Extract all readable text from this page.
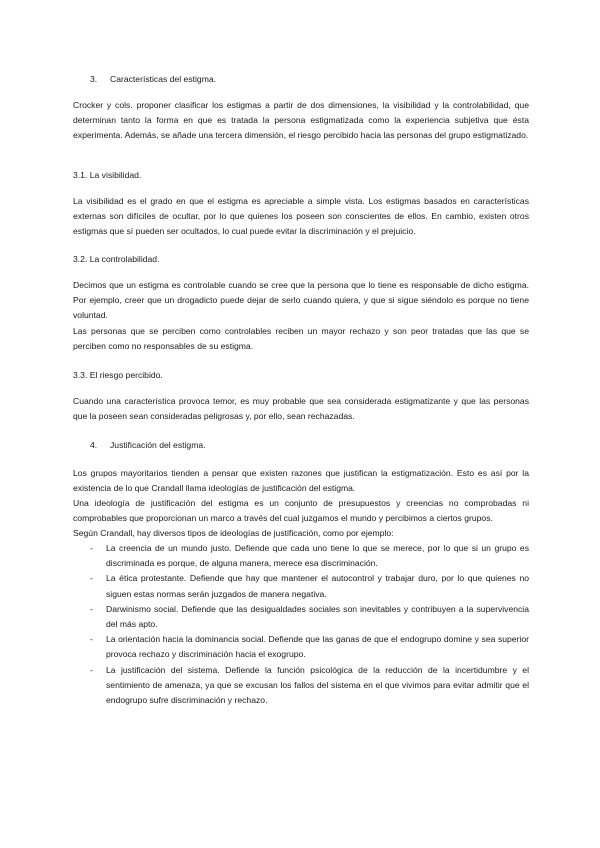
3. Características del estigma.

Crocker y cols. proponer clasificar los estigmas a partir de dos dimensiones, la visibilidad y la controlabilidad, que determinan tanto la forma en que es tratada la persona estigmatizada como la experiencia subjetiva que ésta experimenta. Además, se añade una tercera dimensión, el riesgo percibido hacia las personas del grupo estigmatizado.

3.1. La visibilidad.

La visibilidad es el grado en que el estigma es apreciable a simple vista. Los estigmas basados en características externas son difíciles de ocultar, por lo que quienes los poseen son conscientes de ellos. En cambio, existen otros estigmas que sí pueden ser ocultados, lo cual puede evitar la discriminación y el prejuicio.

3.2. La controlabilidad.

Decimos que un estigma es controlable cuando se cree que la persona que lo tiene es responsable de dicho estigma. Por ejemplo, creer que un drogadicto puede dejar de serlo cuando quiera, y que si sigue siéndolo es porque no tiene voluntad.

Las personas que se perciben como controlables reciben un mayor rechazo y son peor tratadas que las que se perciben como no responsables de su estigma.

3.3. El riesgo percibido.

Cuando una característica provoca temor, es muy probable que sea considerada estigmatizante y que las personas que la poseen sean consideradas peligrosas y, por ello, sean rechazadas.

4. Justificación del estigma.

Los grupos mayoritarios tienden a pensar que existen razones que justifican la estigmatización. Esto es así por la existencia de lo que Crandall llama ideologías de justificación del estigma.

Una ideología de justificación del estigma es un conjunto de presupuestos y creencias no comprobadas ni comprobables que proporcionan un marco a través del cual juzgamos el mundo y percibimos a ciertos grupos.

Según Crandall, hay diversos tipos de ideologías de justificación, como por ejemplo:

- La creencia de un mundo justo. Defiende que cada uno tiene lo que se merece, por lo que si un grupo es discriminada es porque, de alguna manera, merece esa discriminación.
- La ética protestante. Defiende que hay que mantener el autocontrol y trabajar duro, por lo que quienes no siguen estas normas serán juzgados de manera negativa.
- Darwinismo social. Defiende que las desigualdades sociales son inevitables y contribuyen a la supervivencia del más apto.
- La orientación hacia la dominancia social. Defiende que las ganas de que el endogrupo domine y sea superior provoca rechazo y discriminación hacia el exogrupo.
- La justificación del sistema. Defiende la función psicológica de la reducción de la incertidumbre y el sentimiento de amenaza, ya que se excusan los fallos del sistema en el que vivimos para evitar admitir que el endogrupo sufre discriminación y rechazo.
